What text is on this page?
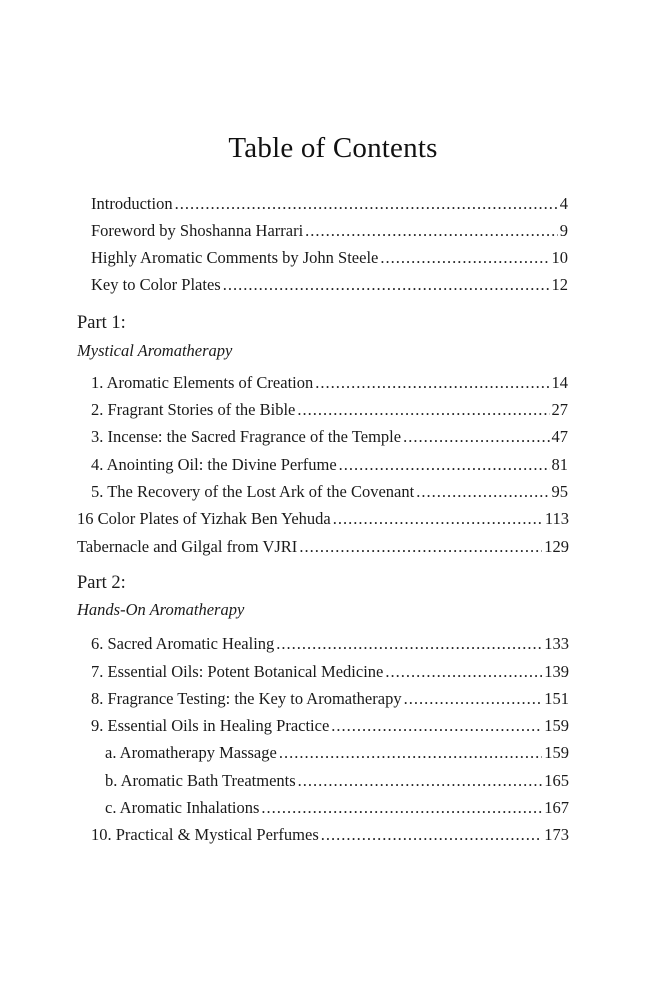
Table of Contents
Introduction .....	4
Foreword by Shoshanna Harrari .....	9
Highly Aromatic Comments by John Steele .....	10
Key to Color Plates .....	12
Part 1:
Mystical Aromatherapy
1. Aromatic Elements of Creation .....	14
2. Fragrant Stories of the Bible .....	27
3. Incense: the Sacred Fragrance of the Temple .....	47
4. Anointing Oil: the Divine Perfume .....	81
5. The Recovery of the Lost Ark of the Covenant .....	95
16 Color Plates of Yizhak Ben Yehuda .....	113
Tabernacle and Gilgal from VJRI .....	129
Part 2:
Hands-On Aromatherapy
6. Sacred Aromatic Healing .....	133
7. Essential Oils: Potent Botanical Medicine .....	139
8. Fragrance Testing: the Key to Aromatherapy .....	151
9. Essential Oils in Healing Practice .....	159
a. Aromatherapy Massage .....	159
b. Aromatic Bath Treatments .....	165
c. Aromatic Inhalations .....	167
10. Practical & Mystical Perfumes .....	173
